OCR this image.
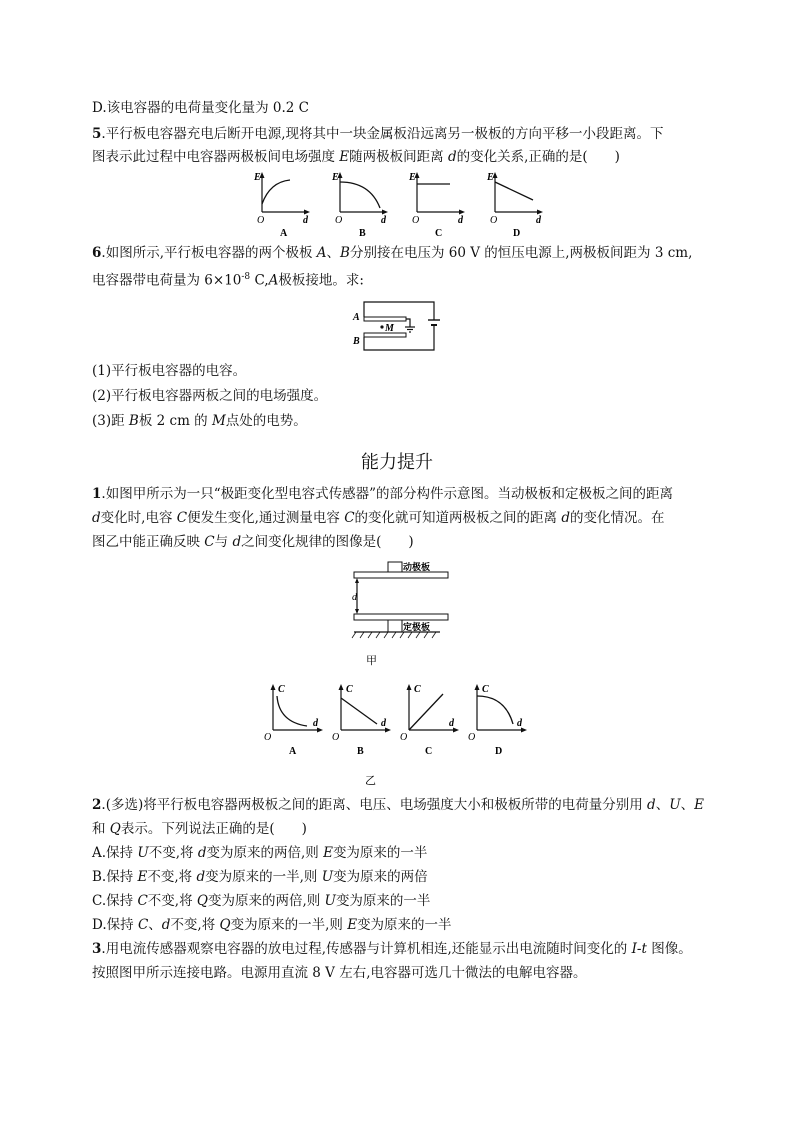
D.该电容器的电荷量变化量为 0.2 C
5.平行板电容器充电后断开电源,现将其中一块金属板沿远离另一极板的方向平移一小段距离。下
图表示此过程中电容器两极板间电场强度 E随两极板间距离 d的变化关系,正确的是(　　)
E
O	d
A
E
O	d
B
E
O	d
C
E
O	d
D
6.如图所示,平行板电容器的两个极板 A、B分别接在电压为 60 V 的恒压电源上,两极板间距为 3 cm,
电容器带电荷量为 $6\times 10^{-8}$ C,A极板接地。求:
A
B
M
(1)平行板电容器的电容。
(2)平行板电容器两板之间的电场强度。
(3)距 B板 2 cm 的 M点处的电势。
能力提升
1.如图甲所示为一只“极距变化型电容式传感器”的部分构件示意图。当动极板和定极板之间的距离
d变化时,电容 C便发生变化,通过测量电容 C的变化就可知道两极板之间的距离 d的变化情况。在
图乙中能正确反映 C与 d之间变化规律的图像是(　　)
动极板
d
定极板
甲
C
O
d
A
C
O
d
B
C
O
d
C
C
O
d
D
乙
2.(多选)将平行板电容器两极板之间的距离、电压、电场强度大小和极板所带的电荷量分别用 d、U、E
和 Q表示。下列说法正确的是(　　)
A.保持 U不变,将 d变为原来的两倍,则 E变为原来的一半
B.保持 E不变,将 d变为原来的一半,则 U变为原来的两倍
C.保持 C不变,将 Q变为原来的两倍,则 U变为原来的一半
D.保持 C、d不变,将 Q变为原来的一半,则 E变为原来的一半
3.用电流传感器观察电容器的放电过程,传感器与计算机相连,还能显示出电流随时间变化的 I-t 图像。
按照图甲所示连接电路。电源用直流 8 V 左右,电容器可选几十微法的电解电容器。
